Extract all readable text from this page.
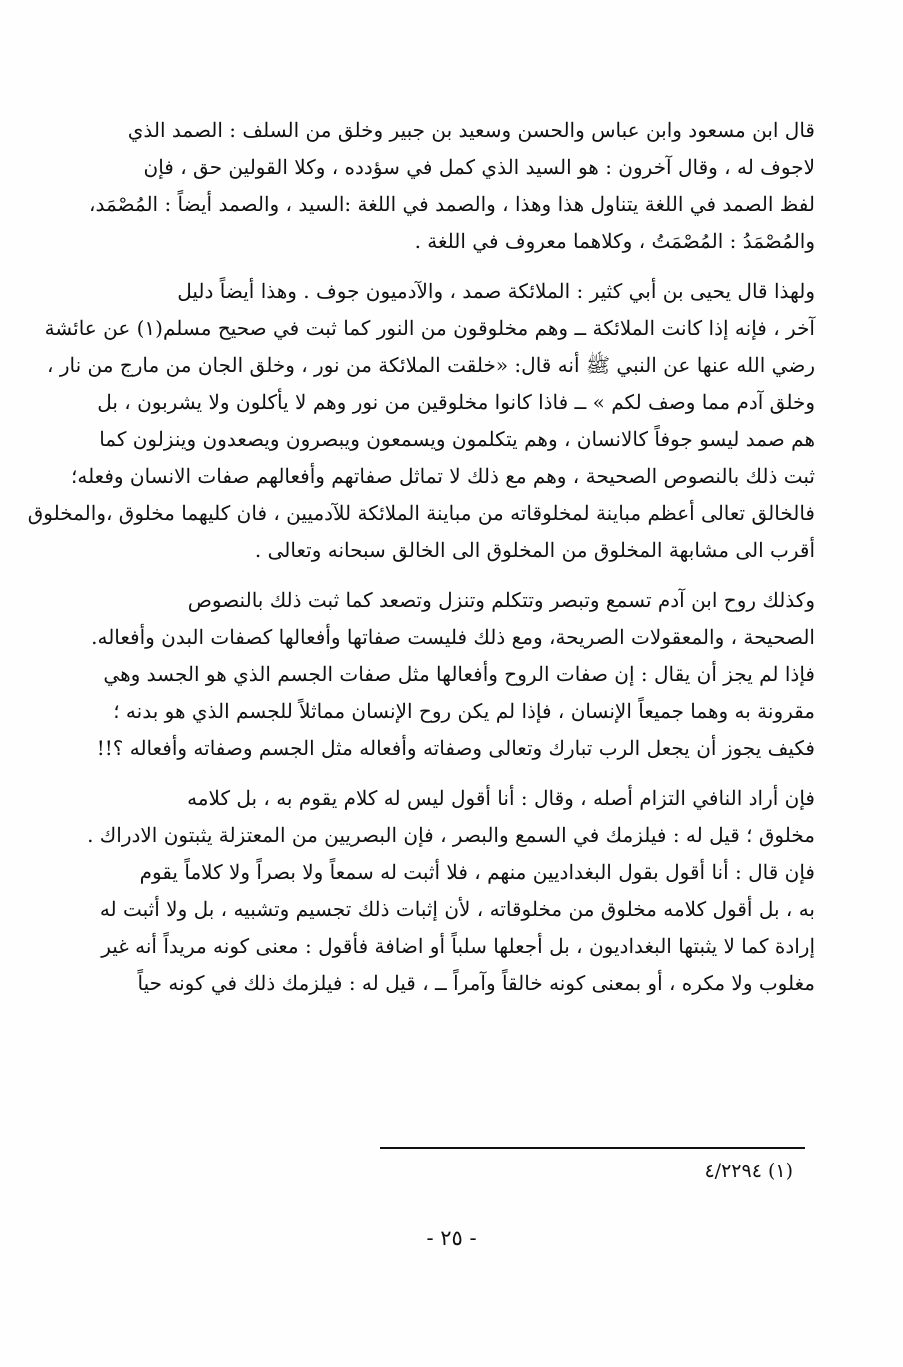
قال ابن مسعود وابن عباس والحسن وسعيد بن جبير وخلق من السلف : الصمد الذي
لاجوف له ، وقال آخرون : هو السيد الذي كمل في سؤدده ، وكلا القولين حق ، فإن
لفظ الصمد في اللغة يتناول هذا وهذا ، والصمد في اللغة :السيد ، والصمد أيضاً : المُصْمَد،
والمُصْمَدُ : المُصْمَتُ ، وكلاهما معروف في اللغة .
ولهذا قال يحيى بن أبي كثير : الملائكة صمد ، والآدميون جوف . وهذا أيضاً دليل
آخر ، فإنه إذا كانت الملائكة ــ وهم مخلوقون من النور كما ثبت في صحيح مسلم(١) عن عائشة
رضي الله عنها عن النبي ﷺ أنه قال: «خلقت الملائكة من نور ، وخلق الجان من مارج من نار ،
وخلق آدم مما وصف لكم » ــ فاذا كانوا مخلوقين من نور وهم لا يأكلون ولا يشربون ، بل
هم صمد ليسو جوفاً كالانسان ، وهم يتكلمون ويسمعون ويبصرون ويصعدون وينزلون كما
ثبت ذلك بالنصوص الصحيحة ، وهم مع ذلك لا تماثل صفاتهم وأفعالهم صفات الانسان وفعله؛
فالخالق تعالى أعظم مباينة لمخلوقاته من مباينة الملائكة للآدميين ، فان كليهما مخلوق ،والمخلوق
أقرب الى مشابهة المخلوق من المخلوق الى الخالق سبحانه وتعالى .
وكذلك روح ابن آدم تسمع وتبصر وتتكلم وتنزل وتصعد كما ثبت ذلك بالنصوص
الصحيحة ، والمعقولات الصريحة، ومع ذلك فليست صفاتها وأفعالها كصفات البدن وأفعاله.
فإذا لم يجز أن يقال : إن صفات الروح وأفعالها مثل صفات الجسم الذي هو الجسد وهي
مقرونة به وهما جميعاً الإنسان ، فإذا لم يكن روح الإنسان مماثلاً للجسم الذي هو بدنه ؛
فكيف يجوز أن يجعل الرب تبارك وتعالى وصفاته وأفعاله مثل الجسم وصفاته وأفعاله ؟!!
فإن أراد النافي التزام أصله ، وقال : أنا أقول ليس له كلام يقوم به ، بل كلامه
مخلوق ؛ قيل له : فيلزمك في السمع والبصر ، فإن البصريين من المعتزلة يثبتون الادراك .
فإن قال : أنا أقول بقول البغداديين منهم ، فلا أثبت له سمعاً ولا بصراً ولا كلاماً يقوم
به ، بل أقول كلامه مخلوق من مخلوقاته ، لأن إثبات ذلك تجسيم وتشبيه ، بل ولا أثبت له
إرادة كما لا يثبتها البغداديون ، بل أجعلها سلباً أو اضافة فأقول : معنى كونه مريداً أنه غير
مغلوب ولا مكره ، أو بمعنى كونه خالقاً وآمراً ــ ، قيل له : فيلزمك ذلك في كونه حياً
(١) ٤/٢٢٩٤
- ٢٥ -
